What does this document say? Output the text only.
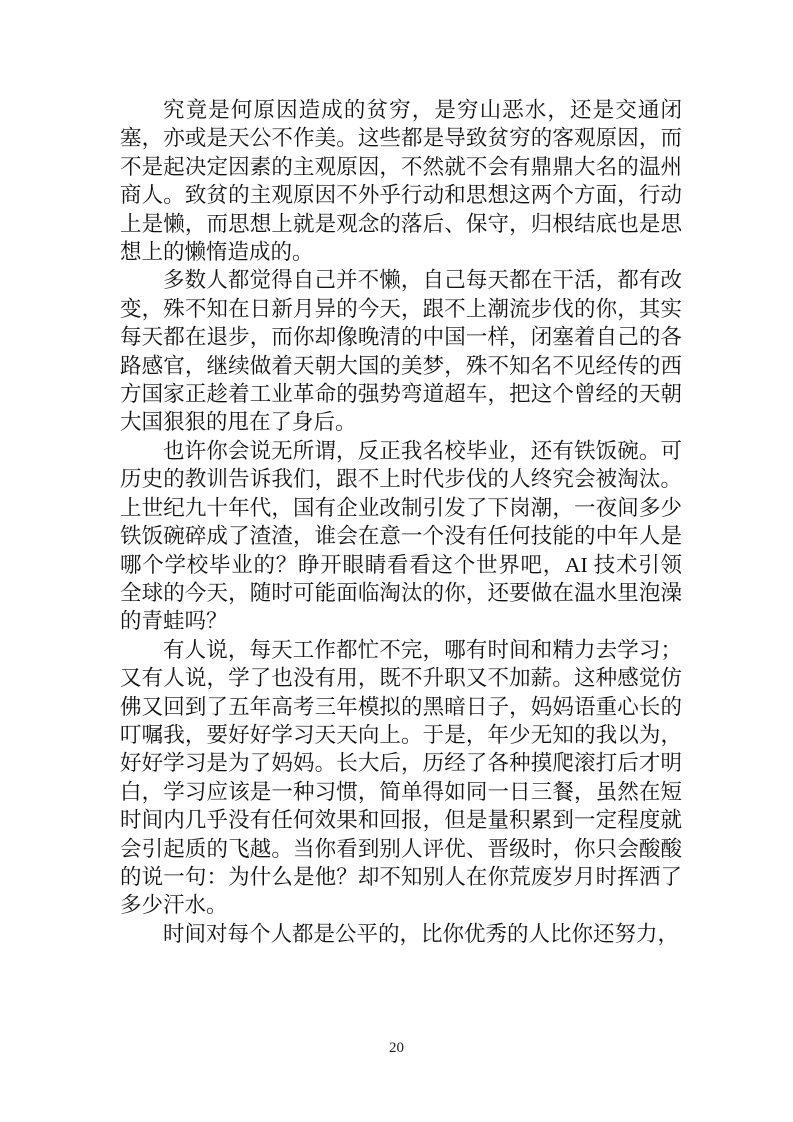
究竟是何原因造成的贫穷，是穷山恶水，还是交通闭塞，亦或是天公不作美。这些都是导致贫穷的客观原因，而不是起决定因素的主观原因，不然就不会有鼎鼎大名的温州商人。致贫的主观原因不外乎行动和思想这两个方面，行动上是懒，而思想上就是观念的落后、保守，归根结底也是思想上的懒惰造成的。

多数人都觉得自己并不懒，自己每天都在干活，都有改变，殊不知在日新月异的今天，跟不上潮流步伐的你，其实每天都在退步，而你却像晚清的中国一样，闭塞着自己的各路感官，继续做着天朝大国的美梦，殊不知名不见经传的西方国家正趁着工业革命的强势弯道超车，把这个曾经的天朝大国狠狠的甩在了身后。

也许你会说无所谓，反正我名校毕业，还有铁饭碗。可历史的教训告诉我们，跟不上时代步伐的人终究会被淘汰。上世纪九十年代，国有企业改制引发了下岗潮，一夜间多少铁饭碗碎成了渣渣，谁会在意一个没有任何技能的中年人是哪个学校毕业的？睁开眼睛看看这个世界吧，AI 技术引领全球的今天，随时可能面临淘汰的你，还要做在温水里泡澡的青蛙吗？

有人说，每天工作都忙不完，哪有时间和精力去学习；又有人说，学了也没有用，既不升职又不加薪。这种感觉仿佛又回到了五年高考三年模拟的黑暗日子，妈妈语重心长的叮嘱我，要好好学习天天向上。于是，年少无知的我以为，好好学习是为了妈妈。长大后，历经了各种摸爬滚打后才明白，学习应该是一种习惯，简单得如同一日三餐，虽然在短时间内几乎没有任何效果和回报，但是量积累到一定程度就会引起质的飞越。当你看到别人评优、晋级时，你只会酸酸的说一句：为什么是他？却不知别人在你荒废岁月时挥洒了多少汗水。

时间对每个人都是公平的，比你优秀的人比你还努力，

20
